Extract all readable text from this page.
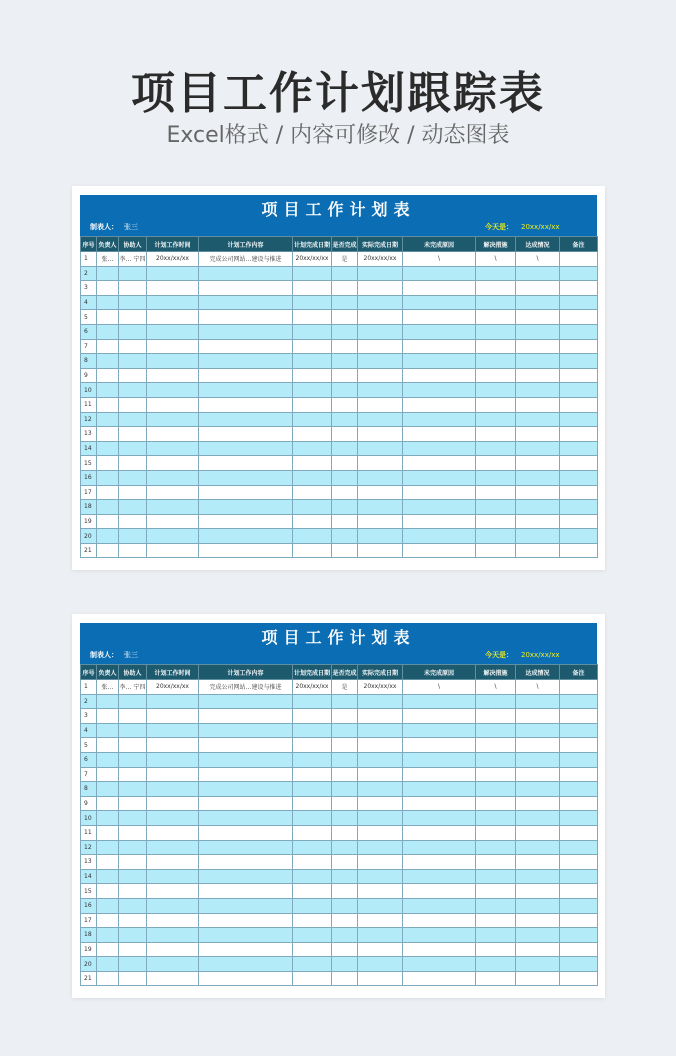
项目工作计划跟踪表
Excel格式 / 内容可修改 / 动态图表
项目工作计划表
制表人： 张三	今天是： 20xx/xx/xx
序号	负责人	协助人	计划工作时间	计划工作内容	计划完成日期	是否完成	实际完成日期	未完成原因	解决措施	达成情况	备注
1	张…	李… 宁四	20xx/xx/xx	完成公司网站…建设与推进	20xx/xx/xx	是	20xx/xx/xx	\	\	\	
2											
3											
4											
5											
6											
7											
8											
9											
10											
11											
12											
13											
14											
15											
16											
17											
18											
19											
20											
21											
项目工作计划表
制表人： 张三	今天是： 20xx/xx/xx
序号	负责人	协助人	计划工作时间	计划工作内容	计划完成日期	是否完成	实际完成日期	未完成原因	解决措施	达成情况	备注
1	张…	李… 宁四	20xx/xx/xx	完成公司网站…建设与推进	20xx/xx/xx	是	20xx/xx/xx	\	\	\	
2											
3											
4											
5											
6											
7											
8											
9											
10											
11											
12											
13											
14											
15											
16											
17											
18											
19											
20											
21											
